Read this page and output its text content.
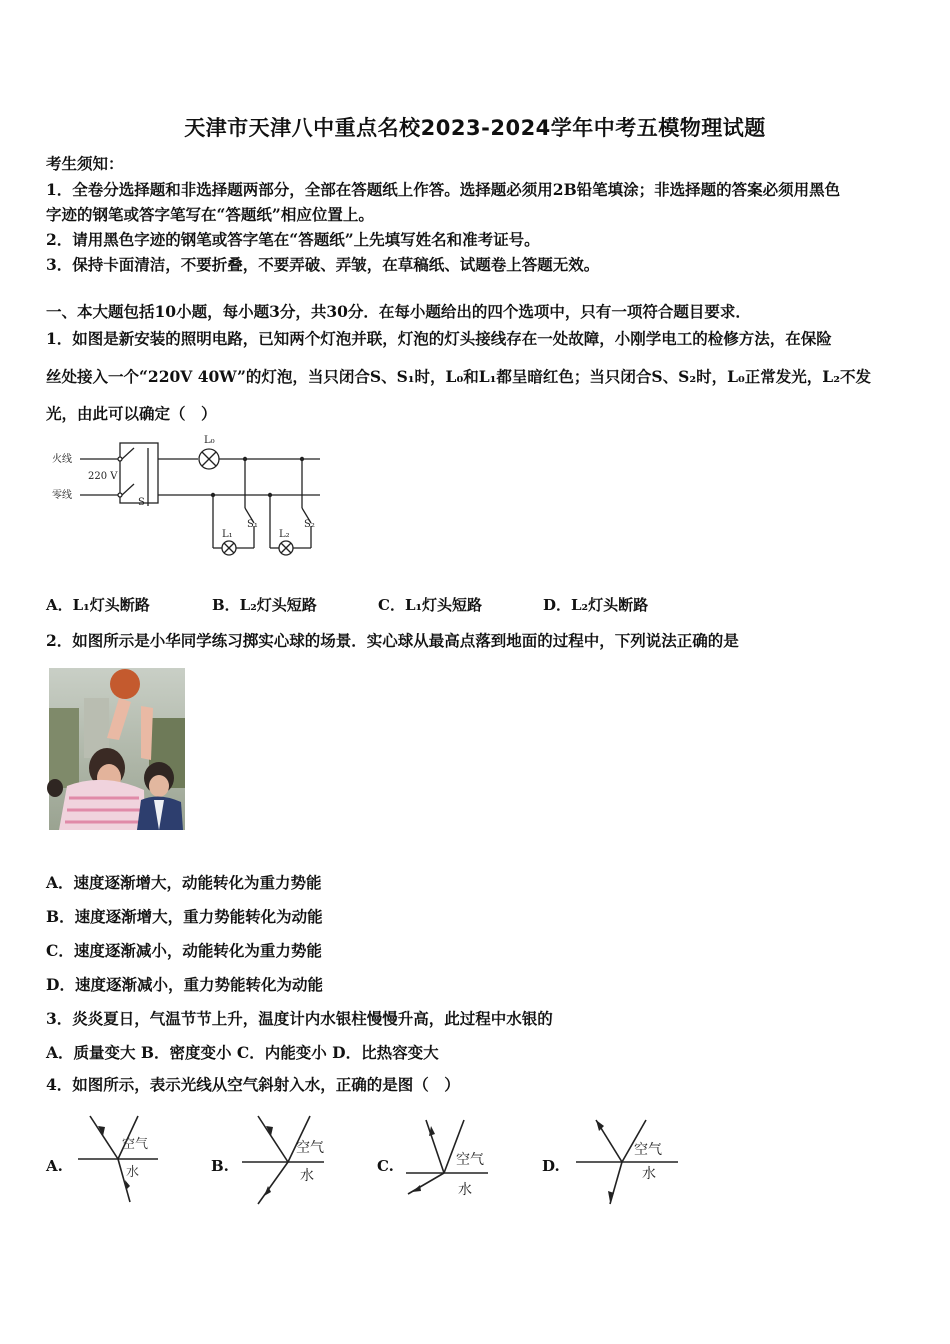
天津市天津八中重点名校2023-2024学年中考五模物理试题
考生须知：
1．全卷分选择题和非选择题两部分，全部在答题纸上作答。选择题必须用2B铅笔填涂；非选择题的答案必须用黑色
字迹的钢笔或答字笔写在“答题纸”相应位置上。
2．请用黑色字迹的钢笔或答字笔在“答题纸”上先填写姓名和准考证号。
3．保持卡面清洁，不要折叠，不要弄破、弄皱，在草稿纸、试题卷上答题无效。
一、本大题包括10小题，每小题3分，共30分．在每小题给出的四个选项中，只有一项符合题目要求．
1．如图是新安装的照明电路，已知两个灯泡并联，灯泡的灯头接线存在一处故障，小刚学电工的检修方法，在保险
丝处接入一个“220V 40W”的灯泡，当只闭合S、S₁时，L₀和L₁都呈暗红色；当只闭合S、S₂时，L₀正常发光，L₂不发
光，由此可以确定（　）
火线
零线
220 V
S
L₀
L₁
S₁
L₂
S₂
A．L₁灯头断路	B．L₂灯头短路	C．L₁灯头短路	D．L₂灯头断路
2．如图所示是小华同学练习掷实心球的场景．实心球从最高点落到地面的过程中，下列说法正确的是
A．速度逐渐增大，动能转化为重力势能
B．速度逐渐增大，重力势能转化为动能
C．速度逐渐减小，动能转化为重力势能
D．速度逐渐减小，重力势能转化为动能
3．炎炎夏日，气温节节上升，温度计内水银柱慢慢升高，此过程中水银的
A．质量变大 B．密度变小 C．内能变小 D．比热容变大
4．如图所示，表示光线从空气斜射入水，正确的是图（　）
A.
空气
水	B.
空气
水
C.	空气
水
D.
空气
水
